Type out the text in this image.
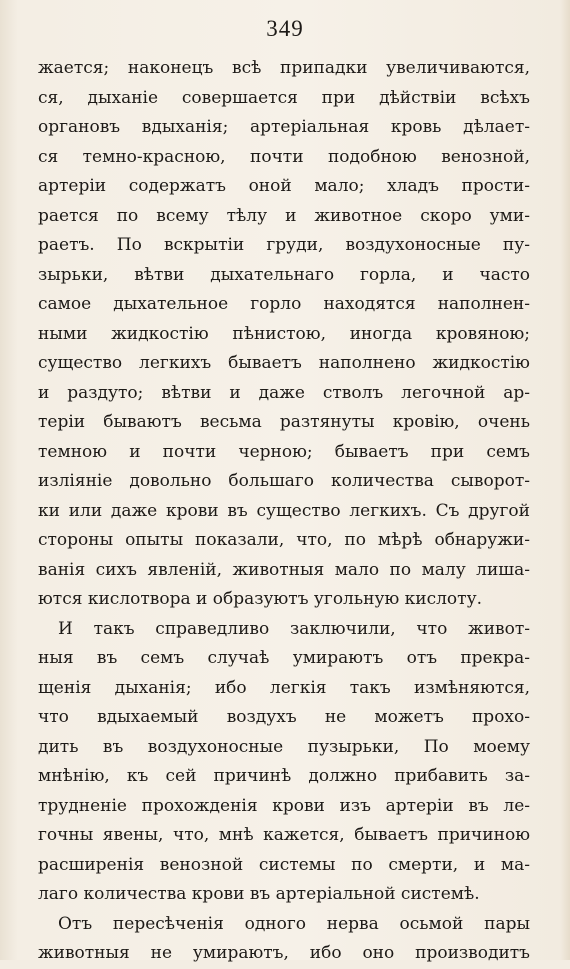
349
жается; наконецъ всѣ припадки увеличиваются,
ся, дыханіе совершается при дѣйствіи всѣхъ
органовъ вдыханія; артеріальная кровь дѣлает-
ся темно-красною, почти подобною венозной,
артеріи содержатъ оной мало; хладъ прости-
рается по всему тѣлу и животное скоро уми-
раетъ. По вскрытіи груди, воздухоносные пу-
зырьки, вѣтви дыхательнаго горла, и часто
самое дыхательное горло находятся наполнен-
ными жидкостію пѣнистою, иногда кровяною;
существо легкихъ бываетъ наполнено жидкостію
и раздуто; вѣтви и даже стволъ легочной ар-
теріи бываютъ весьма разтянуты кровію, очень
темною и почти черною; бываетъ при семъ
изліяніе довольно большаго количества сыворот-
ки или даже крови въ существо легкихъ. Съ другой
стороны опыты показали, что, по мѣрѣ обнаружи-
ванія сихъ явленій, животныя мало по малу лиша-
ются кислотвора и образуютъ угольную кислоту.
И такъ справедливо заключили, что живот-
ныя въ семъ случаѣ умираютъ отъ прекра-
щенія дыханія; ибо легкія такъ измѣняются,
что вдыхаемый воздухъ не можетъ прохо-
дить въ воздухоносные пузырьки, По моему
мнѣнію, къ сей причинѣ должно прибавить за-
трудненіе прохожденія крови изъ артеріи въ ле-
гочны явены, что, мнѣ кажется, бываетъ причиною
расширенія венозной системы по смерти, и ма-
лаго количества крови въ артеріальной системѣ.
Отъ пересѣченія одного нерва осьмой пары
животныя не умираютъ, ибо оно производитъ
